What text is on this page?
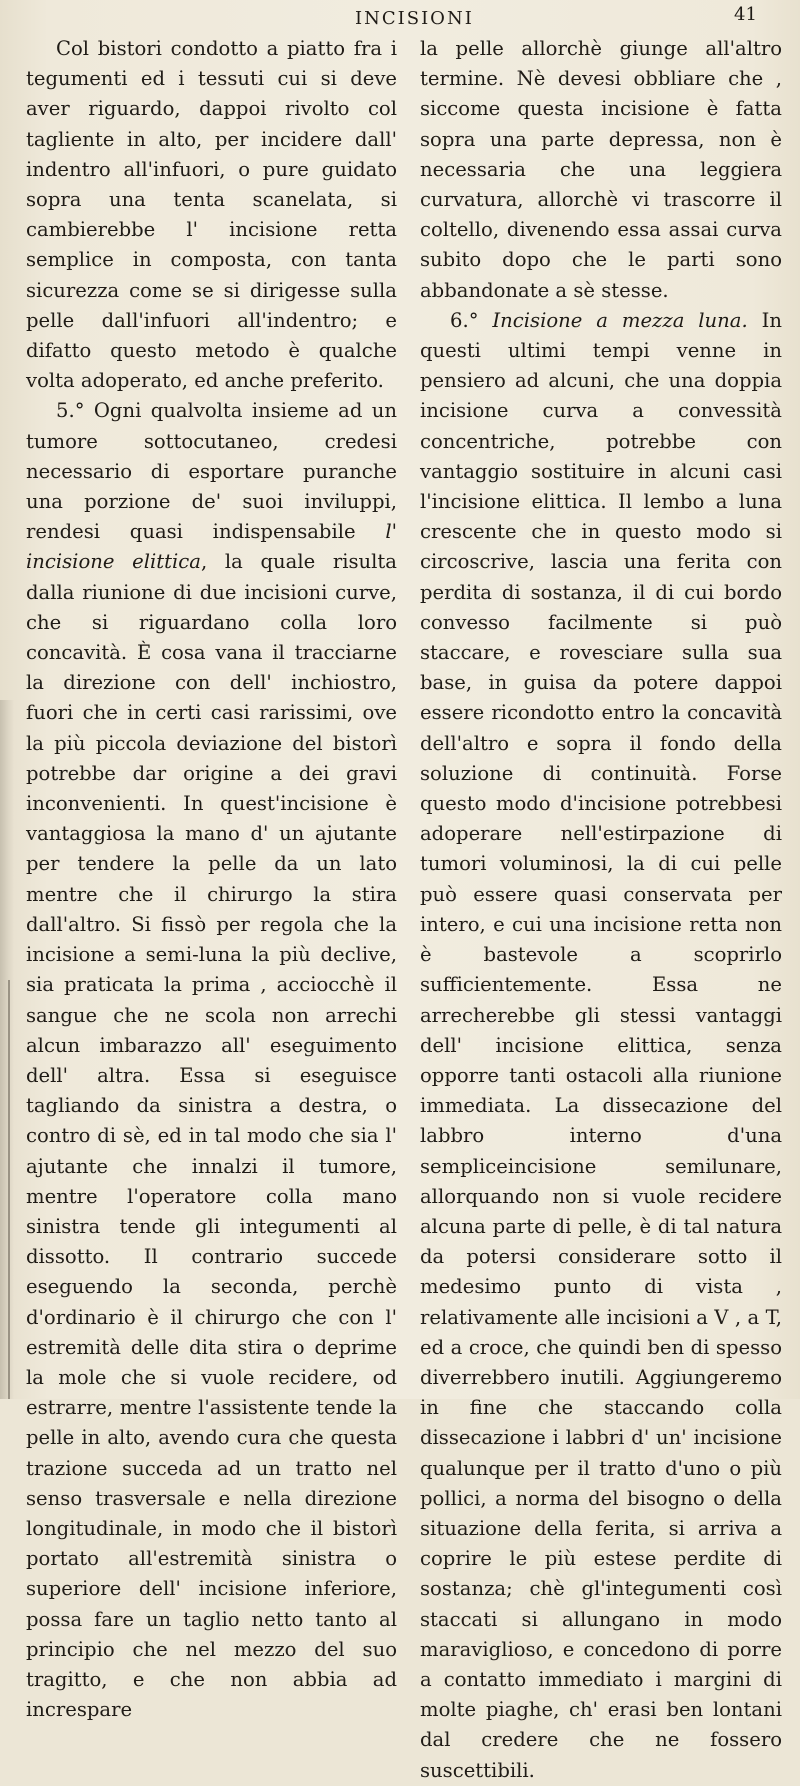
INCISIONI	41

Col bistori condotto a piatto fra i tegumenti ed i tessuti cui si deve aver riguardo, dappoi rivolto col tagliente in alto, per incidere dall' indentro all'infuori, o pure guidato sopra una tenta scanelata, si cambierebbe l' incisione retta semplice in composta, con tanta sicurezza come se si dirigesse sulla pelle dall'infuori all'indentro; e difatto questo metodo è qualche volta adoperato, ed anche preferito.

5.° Ogni qualvolta insieme ad un tumore sottocutaneo, credesi necessario di esportare puranche una porzione de' suoi inviluppi, rendesi quasi indispensabile l' incisione elittica, la quale risulta dalla riunione di due incisioni curve, che si riguardano colla loro concavità. È cosa vana il tracciarne la direzione con dell' inchiostro, fuori che in certi casi rarissimi, ove la più piccola deviazione del bistorì potrebbe dar origine a dei gravi inconvenienti. In quest'incisione è vantaggiosa la mano d' un ajutante per tendere la pelle da un lato mentre che il chirurgo la stira dall'altro. Si fissò per regola che la incisione a semi-luna la più declive, sia praticata la prima , acciocchè il sangue che ne scola non arrechi alcun imbarazzo all' eseguimento dell' altra. Essa si eseguisce tagliando da sinistra a destra, o contro di sè, ed in tal modo che sia l' ajutante che innalzi il tumore, mentre l'operatore colla mano sinistra tende gli integumenti al dissotto. Il contrario succede eseguendo la seconda, perchè d'ordinario è il chirurgo che con l' estremità delle dita stira o deprime la mole che si vuole recidere, od estrarre, mentre l'assistente tende la pelle in alto, avendo cura che questa trazione succeda ad un tratto nel senso trasversale e nella direzione longitudinale, in modo che il bistorì portato all'estremità sinistra o superiore dell' incisione inferiore, possa fare un taglio netto tanto al principio che nel mezzo del suo tragitto, e che non abbia ad increspare

la pelle allorchè giunge all'altro termine. Nè devesi obbliare che , siccome questa incisione è fatta sopra una parte depressa, non è necessaria che una leggiera curvatura, allorchè vi trascorre il coltello, divenendo essa assai curva subito dopo che le parti sono abbandonate a sè stesse.

6.° Incisione a mezza luna. In questi ultimi tempi venne in pensiero ad alcuni, che una doppia incisione curva a convessità concentriche, potrebbe con vantaggio sostituire in alcuni casi l'incisione elittica. Il lembo a luna crescente che in questo modo si circoscrive, lascia una ferita con perdita di sostanza, il di cui bordo convesso facilmente si può staccare, e rovesciare sulla sua base, in guisa da potere dappoi essere ricondotto entro la concavità dell'altro e sopra il fondo della soluzione di continuità. Forse questo modo d'incisione potrebbesi adoperare nell'estirpazione di tumori voluminosi, la di cui pelle può essere quasi conservata per intero, e cui una incisione retta non è bastevole a scoprirlo sufficientemente. Essa ne arrecherebbe gli stessi vantaggi dell' incisione elittica, senza opporre tanti ostacoli alla riunione immediata. La dissecazione del labbro interno d'una sempliceincisione semilunare, allorquando non si vuole recidere alcuna parte di pelle, è di tal natura da potersi considerare sotto il medesimo punto di vista , relativamente alle incisioni a V , a T, ed a croce, che quindi ben di spesso diverrebbero inutili. Aggiungeremo in fine che staccando colla dissecazione i labbri d' un' incisione qualunque per il tratto d'uno o più pollici, a norma del bisogno o della situazione della ferita, si arriva a coprire le più estese perdite di sostanza; chè gl'integumenti così staccati si allungano in modo maraviglioso, e concedono di porre a contatto immediato i margini di molte piaghe, ch' erasi ben lontani dal credere che ne fossero suscettibili.
